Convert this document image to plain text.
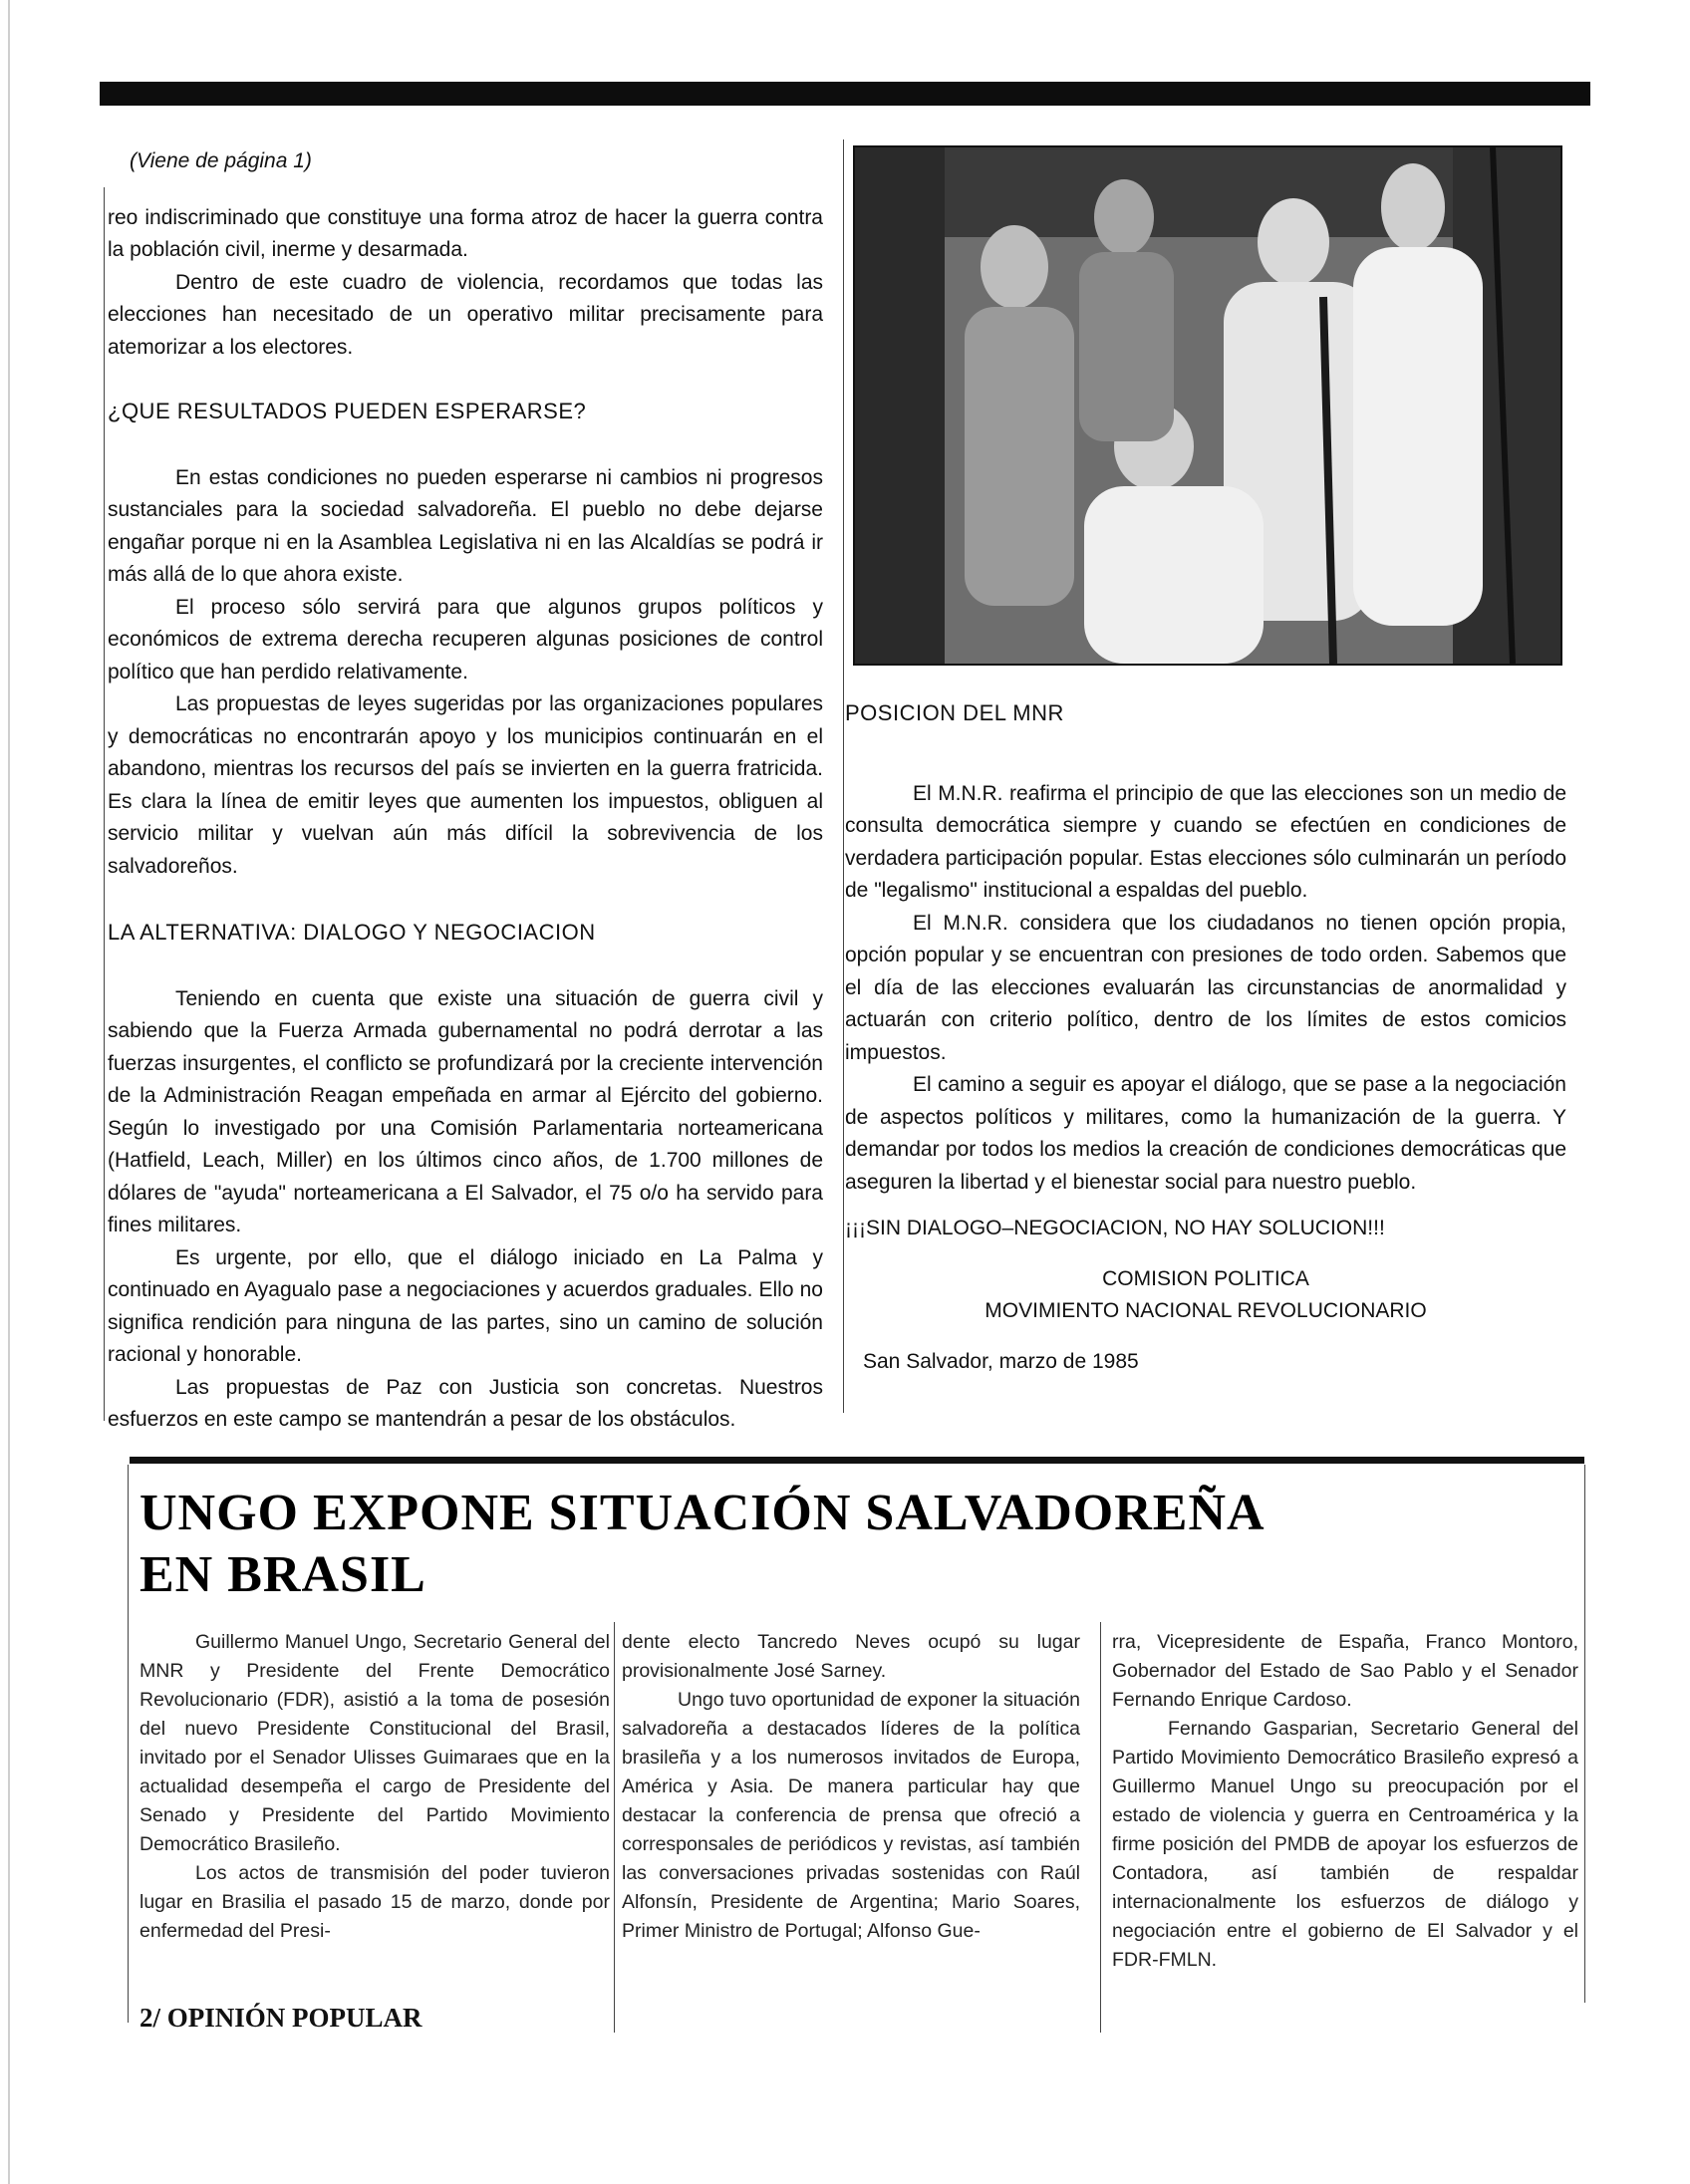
(Viene de página 1)

reo indiscriminado que constituye una forma atroz de hacer la guerra contra la población civil, inerme y desarmada.

Dentro de este cuadro de violencia, recordamos que todas las elecciones han necesitado de un operativo militar precisamente para atemorizar a los electores.

¿QUE RESULTADOS PUEDEN ESPERARSE?

En estas condiciones no pueden esperarse ni cambios ni progresos sustanciales para la sociedad salvadoreña. El pueblo no debe dejarse engañar porque ni en la Asamblea Legislativa ni en las Alcaldías se podrá ir más allá de lo que ahora existe.

El proceso sólo servirá para que algunos grupos políticos y económicos de extrema derecha recuperen algunas posiciones de control político que han perdido relativamente.

Las propuestas de leyes sugeridas por las organizaciones populares y democráticas no encontrarán apoyo y los municipios continuarán en el abandono, mientras los recursos del país se invierten en la guerra fratricida. Es clara la línea de emitir leyes que aumenten los impuestos, obliguen al servicio militar y vuelvan aún más difícil la sobrevivencia de los salvadoreños.

LA ALTERNATIVA: DIALOGO Y NEGOCIACION

Teniendo en cuenta que existe una situación de guerra civil y sabiendo que la Fuerza Armada gubernamental no podrá derrotar a las fuerzas insurgentes, el conflicto se profundizará por la creciente intervención de la Administración Reagan empeñada en armar al Ejército del gobierno. Según lo investigado por una Comisión Parlamentaria norteamericana (Hatfield, Leach, Miller) en los últimos cinco años, de 1.700 millones de dólares de "ayuda" norteamericana a El Salvador, el 75 o/o ha servido para fines militares.

Es urgente, por ello, que el diálogo iniciado en La Palma y continuado en Ayagualo pase a negociaciones y acuerdos graduales. Ello no significa rendición para ninguna de las partes, sino un camino de solución racional y honorable.

Las propuestas de Paz con Justicia son concretas. Nuestros esfuerzos en este campo se mantendrán a pesar de los obstáculos.

POSICION DEL MNR

El M.N.R. reafirma el principio de que las elecciones son un medio de consulta democrática siempre y cuando se efectúen en condiciones de verdadera participación popular. Estas elecciones sólo culminarán un período de "legalismo" institucional a espaldas del pueblo.

El M.N.R. considera que los ciudadanos no tienen opción propia, opción popular y se encuentran con presiones de todo orden. Sabemos que el día de las elecciones evaluarán las circunstancias de anormalidad y actuarán con criterio político, dentro de los límites de estos comicios impuestos.

El camino a seguir es apoyar el diálogo, que se pase a la negociación de aspectos políticos y militares, como la humanización de la guerra. Y demandar por todos los medios la creación de condiciones democráticas que aseguren la libertad y el bienestar social para nuestro pueblo.

¡¡¡SIN DIALOGO–NEGOCIACION, NO HAY SOLUCION!!!

COMISION POLITICA

MOVIMIENTO NACIONAL REVOLUCIONARIO

San Salvador, marzo de 1985

UNGO EXPONE SITUACIÓN SALVADOREÑA
EN BRASIL

Guillermo Manuel Ungo, Secretario General del MNR y Presidente del Frente Democrático Revolucionario (FDR), asistió a la toma de posesión del nuevo Presidente Constitucional del Brasil, invitado por el Senador Ulisses Guimaraes que en la actualidad desempeña el cargo de Presidente del Senado y Presidente del Partido Movimiento Democrático Brasileño.

Los actos de transmisión del poder tuvieron lugar en Brasilia el pasado 15 de marzo, donde por enfermedad del Presi-

dente electo Tancredo Neves ocupó su lugar provisionalmente José Sarney.

Ungo tuvo oportunidad de exponer la situación salvadoreña a destacados líderes de la política brasileña y a los numerosos invitados de Europa, América y Asia. De manera particular hay que destacar la conferencia de prensa que ofreció a corresponsales de periódicos y revistas, así también las conversaciones privadas sostenidas con Raúl Alfonsín, Presidente de Argentina; Mario Soares, Primer Ministro de Portugal; Alfonso Gue-

rra, Vicepresidente de España, Franco Montoro, Gobernador del Estado de Sao Pablo y el Senador Fernando Enrique Cardoso.

Fernando Gasparian, Secretario General del Partido Movimiento Democrático Brasileño expresó a Guillermo Manuel Ungo su preocupación por el estado de violencia y guerra en Centroamérica y la firme posición del PMDB de apoyar los esfuerzos de Contadora, así también de respaldar internacionalmente los esfuerzos de diálogo y negociación entre el gobierno de El Salvador y el FDR-FMLN.

2/ OPINIÓN POPULAR
